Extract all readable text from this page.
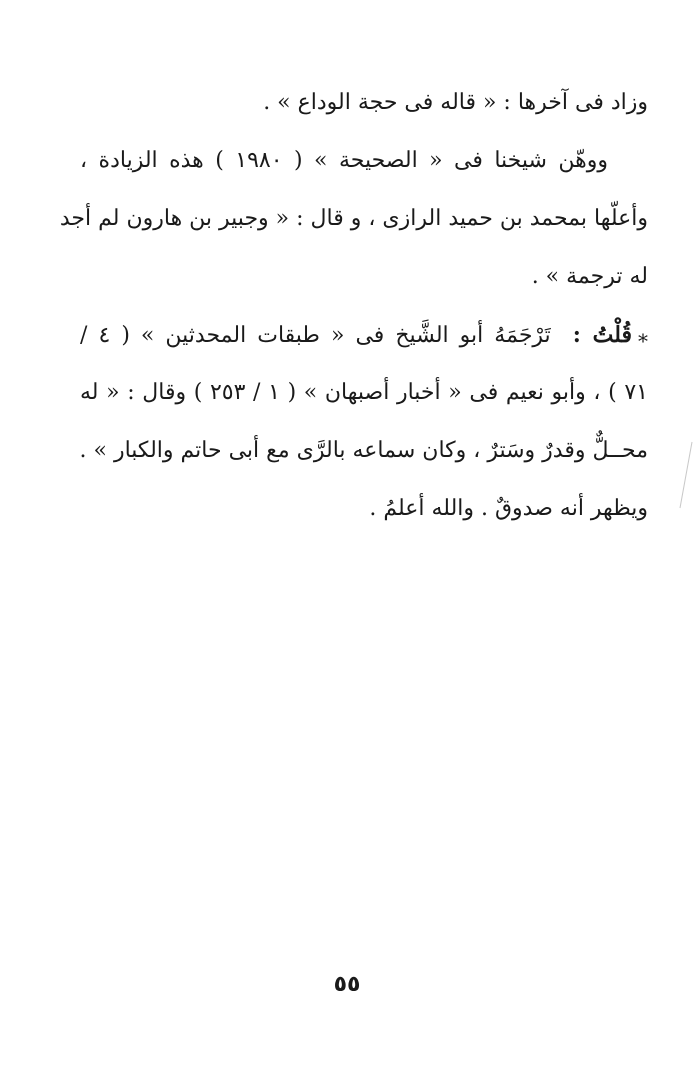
وزاد فى آخرها : « قاله فى حجة الوداع » .
ووهّن شيخنا فى « الصحيحة » ( ١٩٨٠ ) هذه الزيادة ،
وأعلّها بمحمد بن حميد الرازى ، و قال : « وجبير بن هارون لم أجد
له ترجمة » .
⁎قُلْتُ :  تَرْجَمَهُ أبو الشَّيخ فى « طبقات المحدثين » ( ٤ /
٧١ ) ، وأبو نعيم فى « أخبار أصبهان » ( ١ / ٢٥٣ ) وقال : « له
محــلٌّ وقدرٌ وسَترٌ ، وكان سماعه بالرَّى مع أبى حاتم والكبار » .
ويظهر أنه صدوقٌ . والله أعلمُ .
٥٥
